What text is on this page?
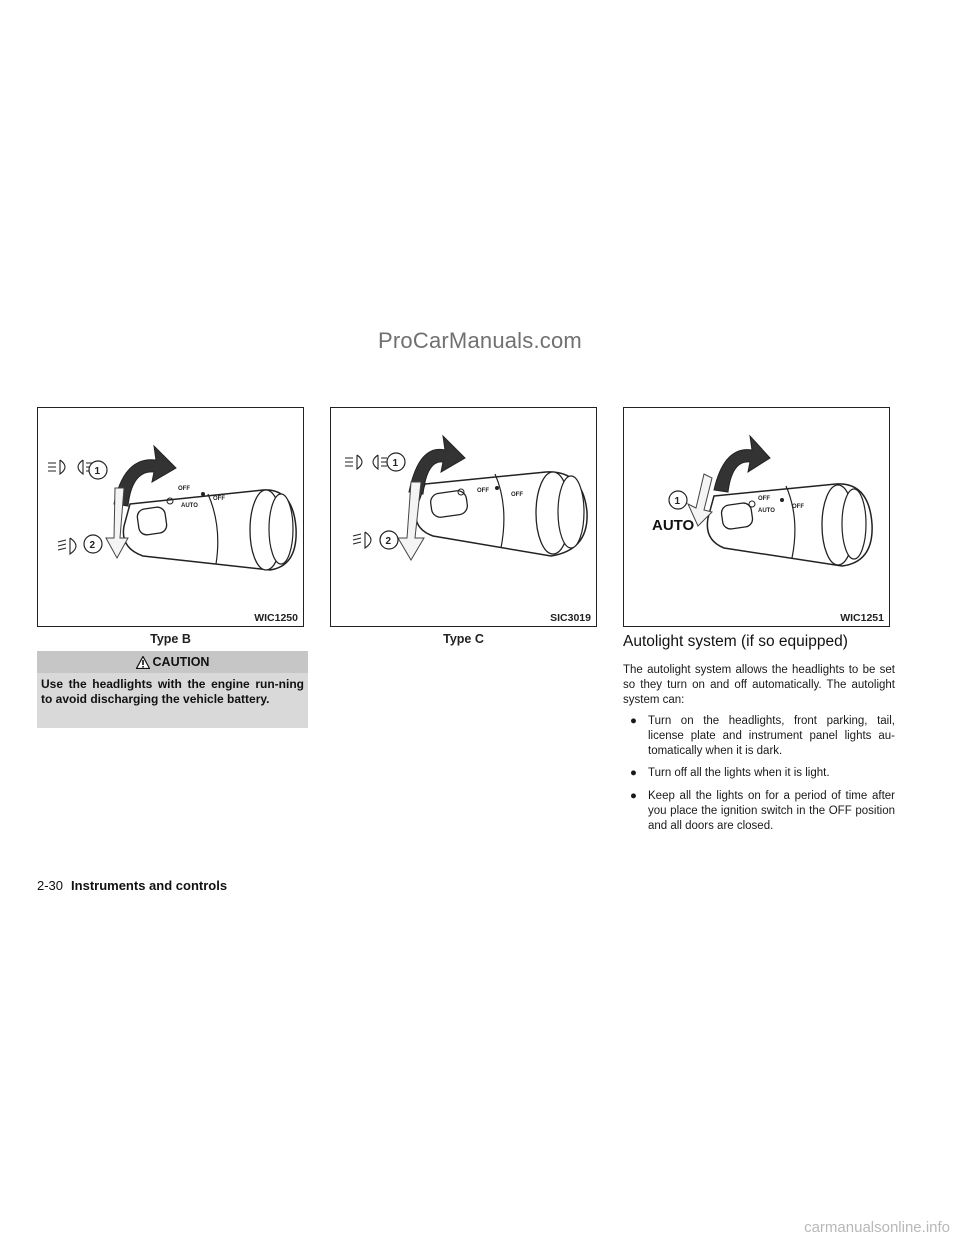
ProCarManuals.com
OFF
AUTO
OFF
1
2
WIC1250
Type B
OFF
OFF
1
2
SIC3019
Type C
OFF
AUTO
OFF
1
AUTO
WIC1251
CAUTION
Use the headlights with the engine run-ning to avoid discharging the vehicle battery.
Autolight system (if so equipped)
The autolight system allows the headlights to be set so they turn on and off automatically. The autolight system can:
● Turn on the headlights, front parking, tail, license plate and instrument panel lights au-tomatically when it is dark.
● Turn off all the lights when it is light.
● Keep all the lights on for a period of time after you place the ignition switch in the OFF position and all doors are closed.
2-30 Instruments and controls
carmanualsonline.info
